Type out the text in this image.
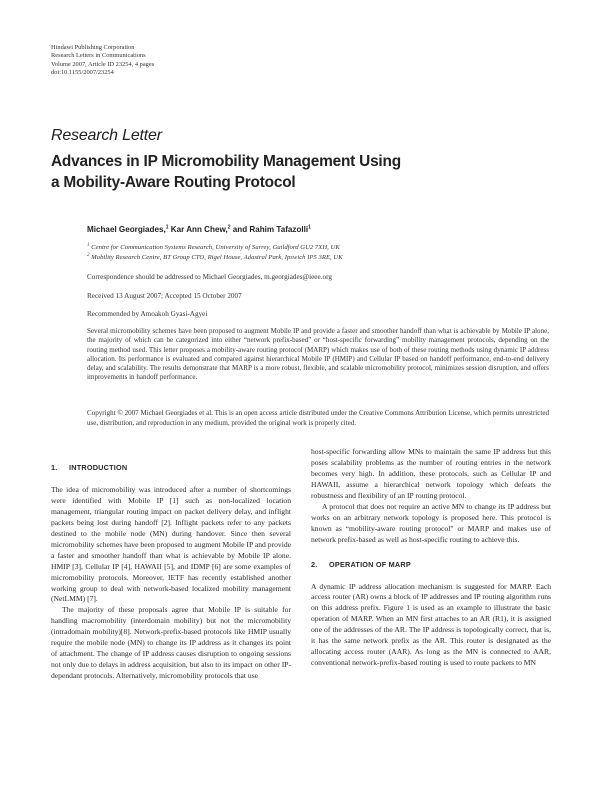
Hindawi Publishing Corporation
Research Letters in Communications
Volume 2007, Article ID 23254, 4 pages
doi:10.1155/2007/23254
Research Letter
Advances in IP Micromobility Management Using
a Mobility-Aware Routing Protocol
Michael Georgiades,$^1$ Kar Ann Chew,$^2$ and Rahim Tafazolli$^1$
$^1$ Centre for Communication Systems Research, University of Surrey, Guildford GU2 7XH, UK
$^2$ Mobility Research Centre, BT Group CTO, Rigel House, Adastral Park, Ipswich IP5 3RE, UK
Correspondence should be addressed to Michael Georgiades, m.georgiades@ieee.org
Received 13 August 2007; Accepted 15 October 2007
Recommended by Amoakoh Gyasi-Agyei

Several micromobility schemes have been proposed to augment Mobile IP and provide a faster and smoother handoff than what is achievable by Mobile IP alone, the majority of which can be categorized into either “network prefix-based” or “host-specific forwarding” mobility management protocols, depending on the routing method used. This letter proposes a mobility-aware routing protocol (MARP) which makes use of both of these routing methods using dynamic IP address allocation. Its performance is evaluated and compared against hierarchical Mobile IP (HMIP) and Cellular IP based on handoff performance, end-to-end delivery delay, and scalability. The results demonstrate that MARP is a more robust, flexible, and scalable micromobility protocol, minimizes session disruption, and offers improvements in handoff performance.

Copyright © 2007 Michael Georgiades et al. This is an open access article distributed under the Creative Commons Attribution License, which permits unrestricted use, distribution, and reproduction in any medium, provided the original work is properly cited.

1. INTRODUCTION

The idea of micromobility was introduced after a number of shortcomings were identified with Mobile IP [1] such as non-localized location management, triangular routing impact on packet delivery delay, and inflight packets being lost during handoff [2]. Inflight packets refer to any packets destined to the mobile node (MN) during handover. Since then several micromobility schemes have been proposed to augment Mobile IP and provide a faster and smoother handoff than what is achievable by Mobile IP alone. HMIP [3], Cellular IP [4], HAWAII [5], and IDMP [6] are some examples of micromobility protocols. Moreover, IETF has recently established another working group to deal with network-based localized mobility management (NetLMM) [7].

The majority of these proposals agree that Mobile IP is suitable for handling macromobility (interdomain mobility) but not the micromobility (intradomain mobility)[8]. Network-prefix-based protocols like HMIP usually require the mobile node (MN) to change its IP address as it changes its point of attachment. The change of IP address causes disruption to ongoing sessions not only due to delays in address acquisition, but also to its impact on other IP-dependant protocols. Alternatively, micromobility protocols that use

host-specific forwarding allow MNs to maintain the same IP address but this poses scalability problems as the number of routing entries in the network becomes very high. In addition, these protocols, such as Cellular IP and HAWAII, assume a hierarchical network topology which defeats the robustness and flexibility of an IP routing protocol.

A protocol that does not require an active MN to change its IP address but works on an arbitrary network topology is proposed here. This protocol is known as “mobility-aware routing protocol” or MARP and makes use of network prefix-based as well as host-specific routing to achieve this.

2. OPERATION OF MARP

A dynamic IP address allocation mechanism is suggested for MARP. Each access router (AR) owns a block of IP addresses and IP routing algorithm runs on this address prefix. Figure 1 is used as an example to illustrate the basic operation of MARP. When an MN first attaches to an AR (R1), it is assigned one of the addresses of the AR. The IP address is topologically correct, that is, it has the same network prefix as the AR. This router is designated as the allocating access router (AAR). As long as the MN is connected to AAR, conventional network-prefix-based routing is used to route packets to MN
